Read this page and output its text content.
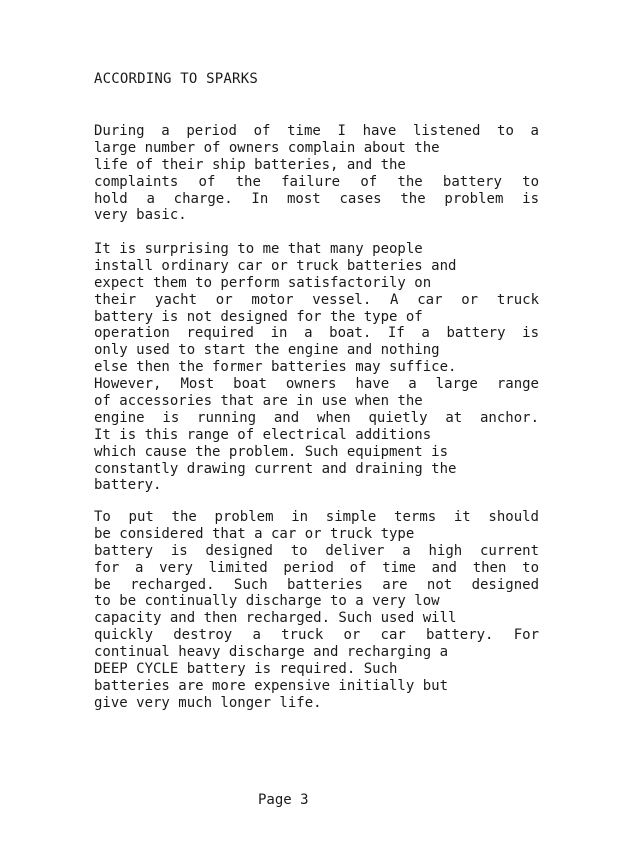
ACCORDING TO SPARKS
During a period of time I have listened to a
large number of owners complain about the
life of their ship batteries, and the
complaints of the failure of the battery to
hold a charge. In most cases the problem is
very basic.
It is surprising to me that many people
install ordinary car or truck batteries and
expect them to perform satisfactorily on
their yacht or motor vessel. A car or truck
battery is not designed for the type of
operation required in a boat. If a battery is
only used to start the engine and nothing
else then the former batteries may suffice.
However, Most boat owners have a large range
of accessories that are in use when the
engine is running and when quietly at anchor.
It is this range of electrical additions
which cause the problem. Such equipment is
constantly drawing current and draining the
battery.
To put the problem in simple terms it should
be considered that a car or truck type
battery is designed to deliver a high current
for a very limited period of time and then to
be recharged. Such batteries are not designed
to be continually discharge to a very low
capacity and then recharged. Such used will
quickly destroy a truck or car battery. For
continual heavy discharge and recharging a
DEEP CYCLE battery is required. Such
batteries are more expensive initially but
give very much longer life.
Page 3
